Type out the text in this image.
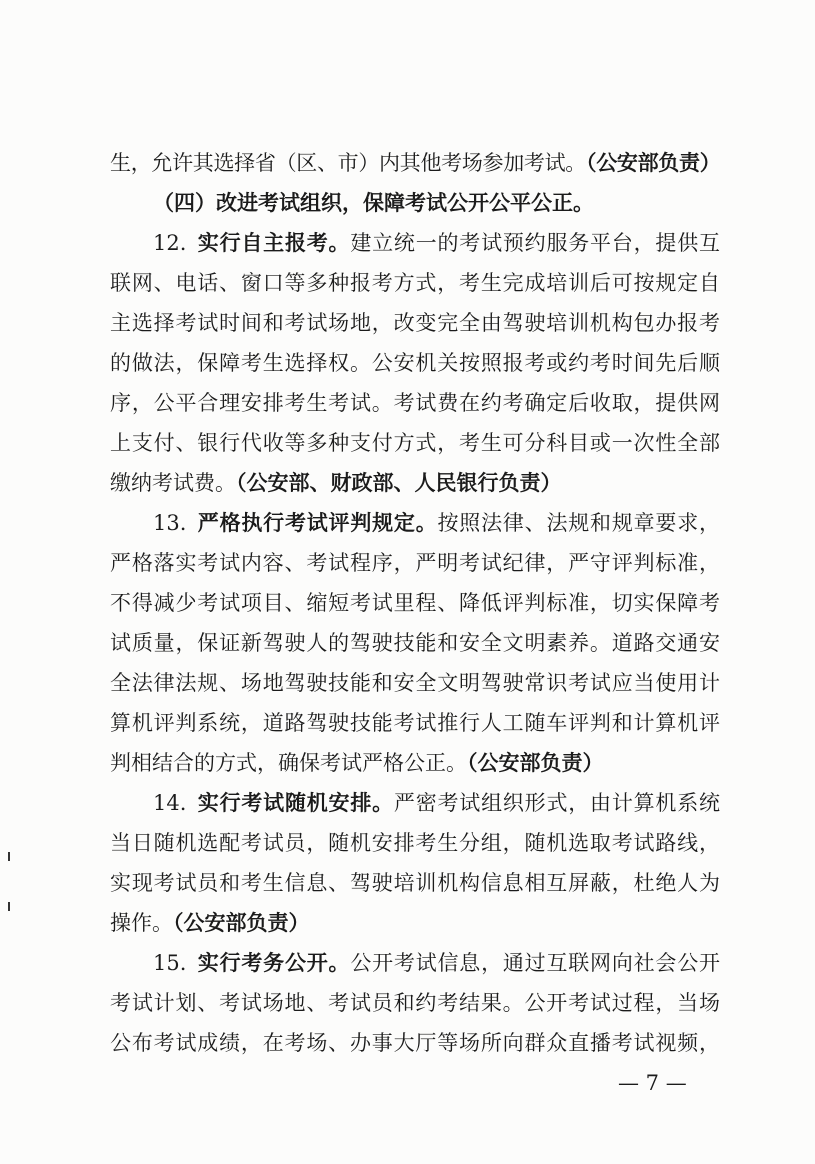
生，允许其选择省（区、市）内其他考场参加考试。（公安部负责）
（四）改进考试组织，保障考试公开公平公正。
12. 实行自主报考。建立统一的考试预约服务平台，提供互
联网、电话、窗口等多种报考方式，考生完成培训后可按规定自
主选择考试时间和考试场地，改变完全由驾驶培训机构包办报考
的做法，保障考生选择权。公安机关按照报考或约考时间先后顺
序，公平合理安排考生考试。考试费在约考确定后收取，提供网
上支付、银行代收等多种支付方式，考生可分科目或一次性全部
缴纳考试费。（公安部、财政部、人民银行负责）
13. 严格执行考试评判规定。按照法律、法规和规章要求，
严格落实考试内容、考试程序，严明考试纪律，严守评判标准，
不得减少考试项目、缩短考试里程、降低评判标准，切实保障考
试质量，保证新驾驶人的驾驶技能和安全文明素养。道路交通安
全法律法规、场地驾驶技能和安全文明驾驶常识考试应当使用计
算机评判系统，道路驾驶技能考试推行人工随车评判和计算机评
判相结合的方式，确保考试严格公正。（公安部负责）
14. 实行考试随机安排。严密考试组织形式，由计算机系统
当日随机选配考试员，随机安排考生分组，随机选取考试路线，
实现考试员和考生信息、驾驶培训机构信息相互屏蔽，杜绝人为
操作。（公安部负责）
15. 实行考务公开。公开考试信息，通过互联网向社会公开
考试计划、考试场地、考试员和约考结果。公开考试过程，当场
公布考试成绩，在考场、办事大厅等场所向群众直播考试视频，
— 7 —
